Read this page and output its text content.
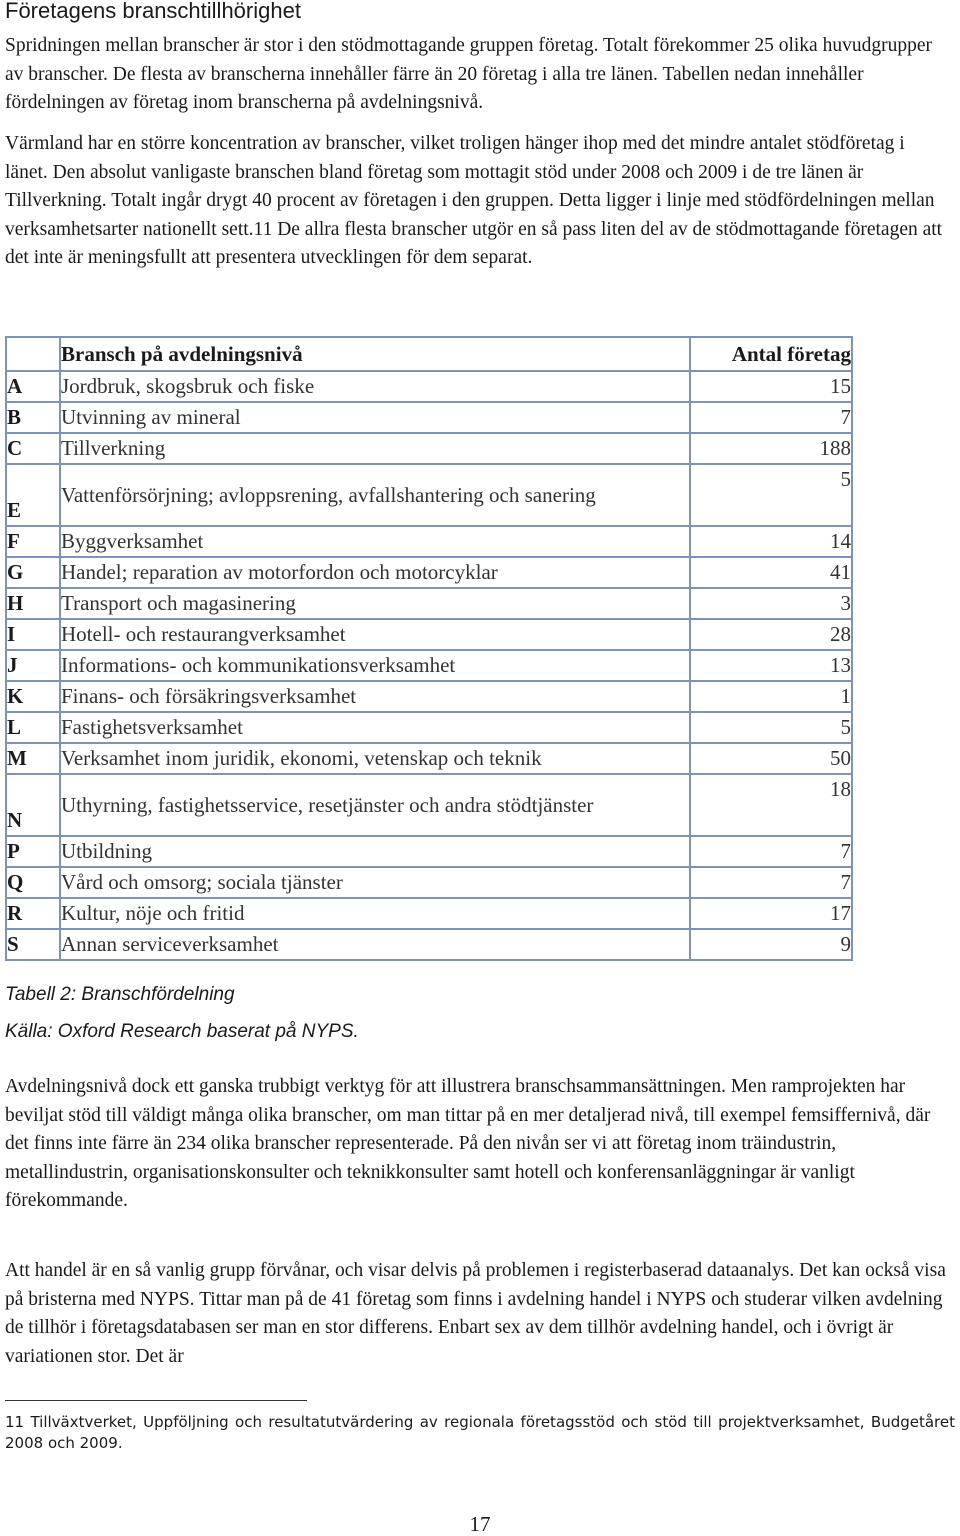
Företagens branschtillhörighet

Spridningen mellan branscher är stor i den stödmottagande gruppen företag. Totalt förekommer 25 olika huvudgrupper av branscher. De flesta av branscherna innehåller färre än 20 företag i alla tre länen. Tabellen nedan innehåller fördelningen av företag inom branscherna på avdelningsnivå.

Värmland har en större koncentration av branscher, vilket troligen hänger ihop med det mindre antalet stödföretag i länet. Den absolut vanligaste branschen bland företag som mottagit stöd under 2008 och 2009 i de tre länen är Tillverkning. Totalt ingår drygt 40 procent av företagen i den gruppen. Detta ligger i linje med stödfördelningen mellan verksamhetsarter nationellt sett.11 De allra flesta branscher utgör en så pass liten del av de stödmottagande företagen att det inte är meningsfullt att presentera utvecklingen för dem separat.

	Bransch på avdelningsnivå	Antal företag
A	Jordbruk, skogsbruk och fiske	15
B	Utvinning av mineral	7
C	Tillverkning	188
E	Vattenförsörjning; avloppsrening, avfallshantering och sanering	5
F	Byggverksamhet	14
G	Handel; reparation av motorfordon och motorcyklar	41
H	Transport och magasinering	3
I	Hotell- och restaurangverksamhet	28
J	Informations- och kommunikationsverksamhet	13
K	Finans- och försäkringsverksamhet	1
L	Fastighetsverksamhet	5
M	Verksamhet inom juridik, ekonomi, vetenskap och teknik	50
N	Uthyrning, fastighetsservice, resetjänster och andra stödtjänster	18
P	Utbildning	7
Q	Vård och omsorg; sociala tjänster	7
R	Kultur, nöje och fritid	17
S	Annan serviceverksamhet	9

Tabell 2: Branschfördelning

Källa: Oxford Research baserat på NYPS.

Avdelningsnivå dock ett ganska trubbigt verktyg för att illustrera branschsammansättningen. Men ramprojekten har beviljat stöd till väldigt många olika branscher, om man tittar på en mer detaljerad nivå, till exempel femsiffernivå, där det finns inte färre än 234 olika branscher representerade. På den nivån ser vi att företag inom träindustrin, metallindustrin, organisationskonsulter och teknikkonsulter samt hotell och konferensanläggningar är vanligt förekommande.

Att handel är en så vanlig grupp förvånar, och visar delvis på problemen i registerbaserad dataanalys. Det kan också visa på bristerna med NYPS. Tittar man på de 41 företag som finns i avdelning handel i NYPS och studerar vilken avdelning de tillhör i företagsdatabasen ser man en stor differens. Enbart sex av dem tillhör avdelning handel, och i övrigt är variationen stor. Det är

11 Tillväxtverket, Uppföljning och resultatutvärdering av regionala företagsstöd och stöd till projektverksamhet, Budgetåret 2008 och 2009.

17
